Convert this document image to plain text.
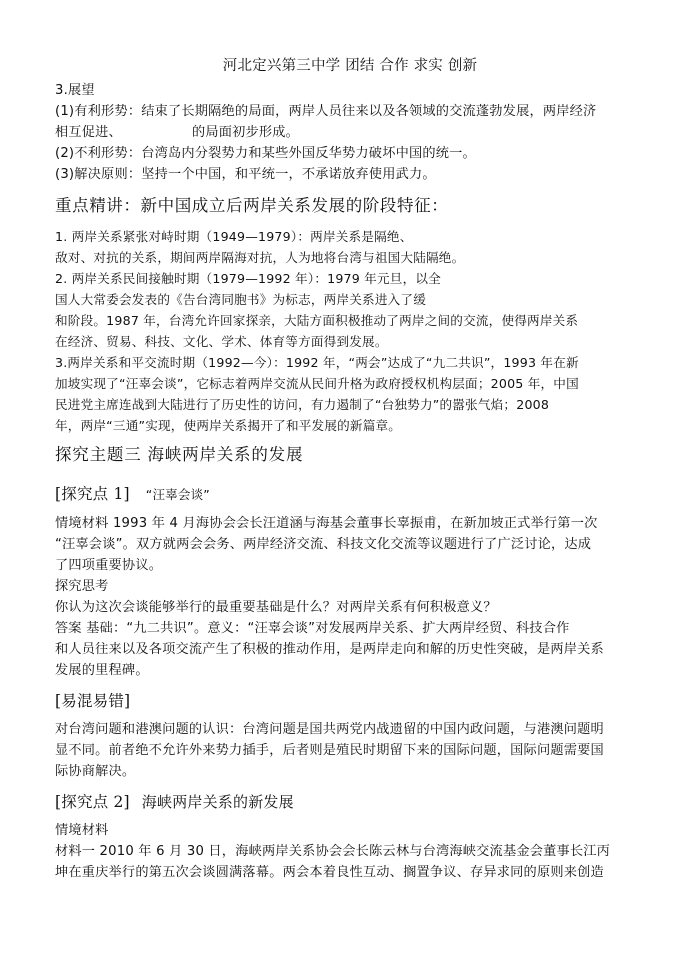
河北定兴第三中学 团结 合作 求实 创新
3.展望
(1)有利形势：结束了长期隔绝的局面，两岸人员往来以及各领域的交流蓬勃发展，两岸经济
相互促进、	的局面初步形成。
(2)不利形势：台湾岛内分裂势力和某些外国反华势力破坏中国的统一。
(3)解决原则：坚持一个中国，和平统一，不承诺放弃使用武力。
重点精讲：新中国成立后两岸关系发展的阶段特征：
1. 两岸关系紧张对峙时期（1949—1979）：两岸关系是隔绝、
敌对、对抗的关系，期间两岸隔海对抗，人为地将台湾与祖国大陆隔绝。
2. 两岸关系民间接触时期（1979—1992 年）：1979 年元旦，以全
国人大常委会发表的《告台湾同胞书》为标志，两岸关系进入了缓
和阶段。1987 年，台湾允许回家探亲，大陆方面积极推动了两岸之间的交流，使得两岸关系
在经济、贸易、科技、文化、学术、体育等方面得到发展。
3.两岸关系和平交流时期（1992—今）：1992 年，“两会”达成了“九二共识”，1993 年在新
加坡实现了“汪辜会谈”，它标志着两岸交流从民间升格为政府授权机构层面；2005 年，中国
民进党主席连战到大陆进行了历史性的访问，有力遏制了“台独势力”的嚣张气焰；2008
年，两岸“三通”实现，使两岸关系揭开了和平发展的新篇章。
探究主题三 海峡两岸关系的发展
[探究点 1] “汪辜会谈”
情境材料 1993 年 4 月海协会会长汪道涵与海基会董事长辜振甫，在新加坡正式举行第一次
“汪辜会谈”。双方就两会会务、两岸经济交流、科技文化交流等议题进行了广泛讨论，达成
了四项重要协议。
探究思考
你认为这次会谈能够举行的最重要基础是什么？对两岸关系有何积极意义？
答案 基础：“九二共识”。意义：“汪辜会谈”对发展两岸关系、扩大两岸经贸、科技合作
和人员往来以及各项交流产生了积极的推动作用，是两岸走向和解的历史性突破，是两岸关系
发展的里程碑。
[易混易错]
对台湾问题和港澳问题的认识：台湾问题是国共两党内战遗留的中国内政问题，与港澳问题明
显不同。前者绝不允许外来势力插手，后者则是殖民时期留下来的国际问题，国际问题需要国
际协商解决。
[探究点 2] 海峡两岸关系的新发展
情境材料
材料一 2010 年 6 月 30 日，海峡两岸关系协会会长陈云林与台湾海峡交流基金会董事长江丙
坤在重庆举行的第五次会谈圆满落幕。两会本着良性互动、搁置争议、存异求同的原则来创造
